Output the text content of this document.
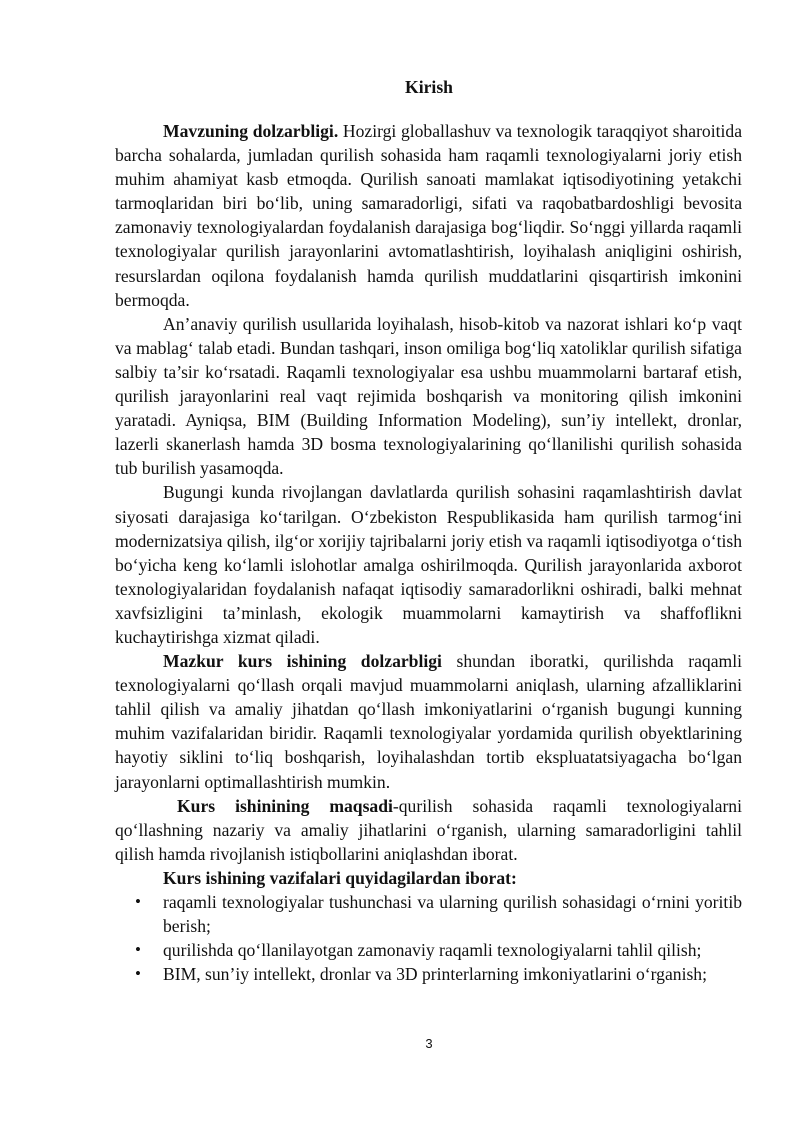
Kirish

Mavzuning dolzarbligi. Hozirgi globallashuv va texnologik taraqqiyot sharoitida barcha sohalarda, jumladan qurilish sohasida ham raqamli texnologiyalarni joriy etish muhim ahamiyat kasb etmoqda. Qurilish sanoati mamlakat iqtisodiyotining yetakchi tarmoqlaridan biri bo‘lib, uning samaradorligi, sifati va raqobatbardoshligi bevosita zamonaviy texnologiyalardan foydalanish darajasiga bog‘liqdir. So‘nggi yillarda raqamli texnologiyalar qurilish jarayonlarini avtomatlashtirish, loyihalash aniqligini oshirish, resurslardan oqilona foydalanish hamda qurilish muddatlarini qisqartirish imkonini bermoqda.

An’anaviy qurilish usullarida loyihalash, hisob-kitob va nazorat ishlari ko‘p vaqt va mablag‘ talab etadi. Bundan tashqari, inson omiliga bog‘liq xatoliklar qurilish sifatiga salbiy ta’sir ko‘rsatadi. Raqamli texnologiyalar esa ushbu muammolarni bartaraf etish, qurilish jarayonlarini real vaqt rejimida boshqarish va monitoring qilish imkonini yaratadi. Ayniqsa, BIM (Building Information Modeling), sun’iy intellekt, dronlar, lazerli skanerlash hamda 3D bosma texnologiyalarining qo‘llanilishi qurilish sohasida tub burilish yasamoqda.

Bugungi kunda rivojlangan davlatlarda qurilish sohasini raqamlashtirish davlat siyosati darajasiga ko‘tarilgan. O‘zbekiston Respublikasida ham qurilish tarmog‘ini modernizatsiya qilish, ilg‘or xorijiy tajribalarni joriy etish va raqamli iqtisodiyotga o‘tish bo‘yicha keng ko‘lamli islohotlar amalga oshirilmoqda. Qurilish jarayonlarida axborot texnologiyalaridan foydalanish nafaqat iqtisodiy samaradorlikni oshiradi, balki mehnat xavfsizligini ta’minlash, ekologik muammolarni kamaytirish va shaffoflikni kuchaytirishga xizmat qiladi.

Mazkur kurs ishining dolzarbligi shundan iboratki, qurilishda raqamli texnologiyalarni qo‘llash orqali mavjud muammolarni aniqlash, ularning afzalliklarini tahlil qilish va amaliy jihatdan qo‘llash imkoniyatlarini o‘rganish bugungi kunning muhim vazifalaridan biridir. Raqamli texnologiyalar yordamida qurilish obyektlarining hayotiy siklini to‘liq boshqarish, loyihalashdan tortib ekspluatatsiyagacha bo‘lgan jarayonlarni optimallashtirish mumkin.

Kurs ishinining maqsadi-qurilish sohasida raqamli texnologiyalarni qo‘llashning nazariy va amaliy jihatlarini o‘rganish, ularning samaradorligini tahlil qilish hamda rivojlanish istiqbollarini aniqlashdan iborat.

Kurs ishining vazifalari quyidagilardan iborat:
• raqamli texnologiyalar tushunchasi va ularning qurilish sohasidagi o‘rnini yoritib berish;
• qurilishda qo‘llanilayotgan zamonaviy raqamli texnologiyalarni tahlil qilish;
• BIM, sun’iy intellekt, dronlar va 3D printerlarning imkoniyatlarini o‘rganish;
3
